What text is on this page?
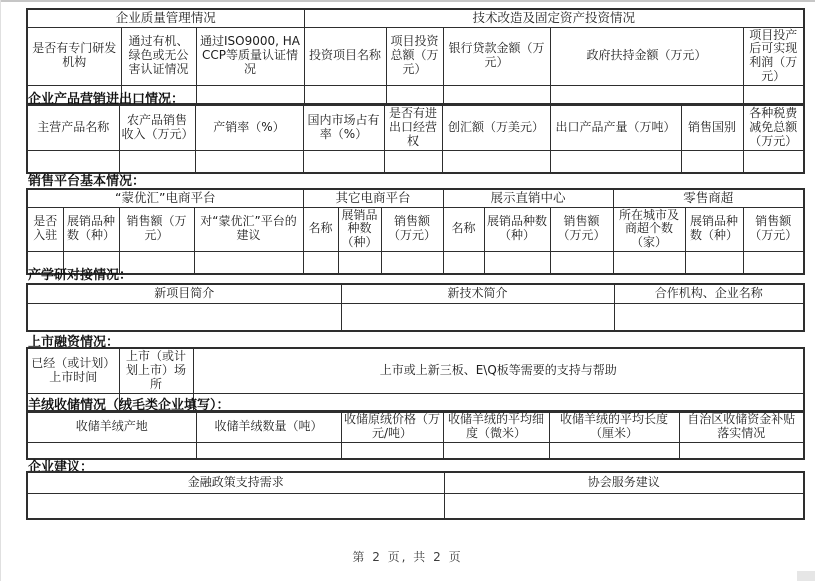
企业质量管理情况			技术改造及固定资产投资情况				
是否有专门研发机构	通过有机、绿色或无公害认证情况	通过ISO9000, HACCP等质量认证情况	投资项目名称	项目投资总额（万元）	银行贷款金额（万元）	政府扶持金额（万元）	项目投产后可实现利润（万元）

企业产品营销进出口情况：
主营产品名称	农产品销售收入（万元）	产销率（%）	国内市场占有率（%）	是否有进出口经营权	创汇额（万美元）	出口产品产量（万吨）	销售国别	各种税费减免总额（万元）

销售平台基本情况：
“蒙优汇”电商平台				其它电商平台			展示直销中心			零售商超		
是否入驻	展销品种数（种）	销售额（万元）	对“蒙优汇”平台的建议	名称	展销品种数（种）	销售额（万元）	名称	展销品种数（种）	销售额（万元）	所在城市及商超个数（家）	展销品种数（种）	销售额（万元）

产学研对接情况：
新项目简介	新技术简介	合作机构、企业名称

上市融资情况：
已经（或计划）上市时间	上市（或计划上市）场所	上市或上新三板、E\Q板等需要的支持与帮助

羊绒收储情况（绒毛类企业填写）：
收储羊绒产地	收储羊绒数量（吨）	收储原绒价格（万元/吨）	收储羊绒的平均细度（微米）	收储羊绒的平均长度（厘米）	自治区收储资金补贴落实情况

企业建议：
金融政策支持需求	协会服务建议

第 2 页, 共 2 页
